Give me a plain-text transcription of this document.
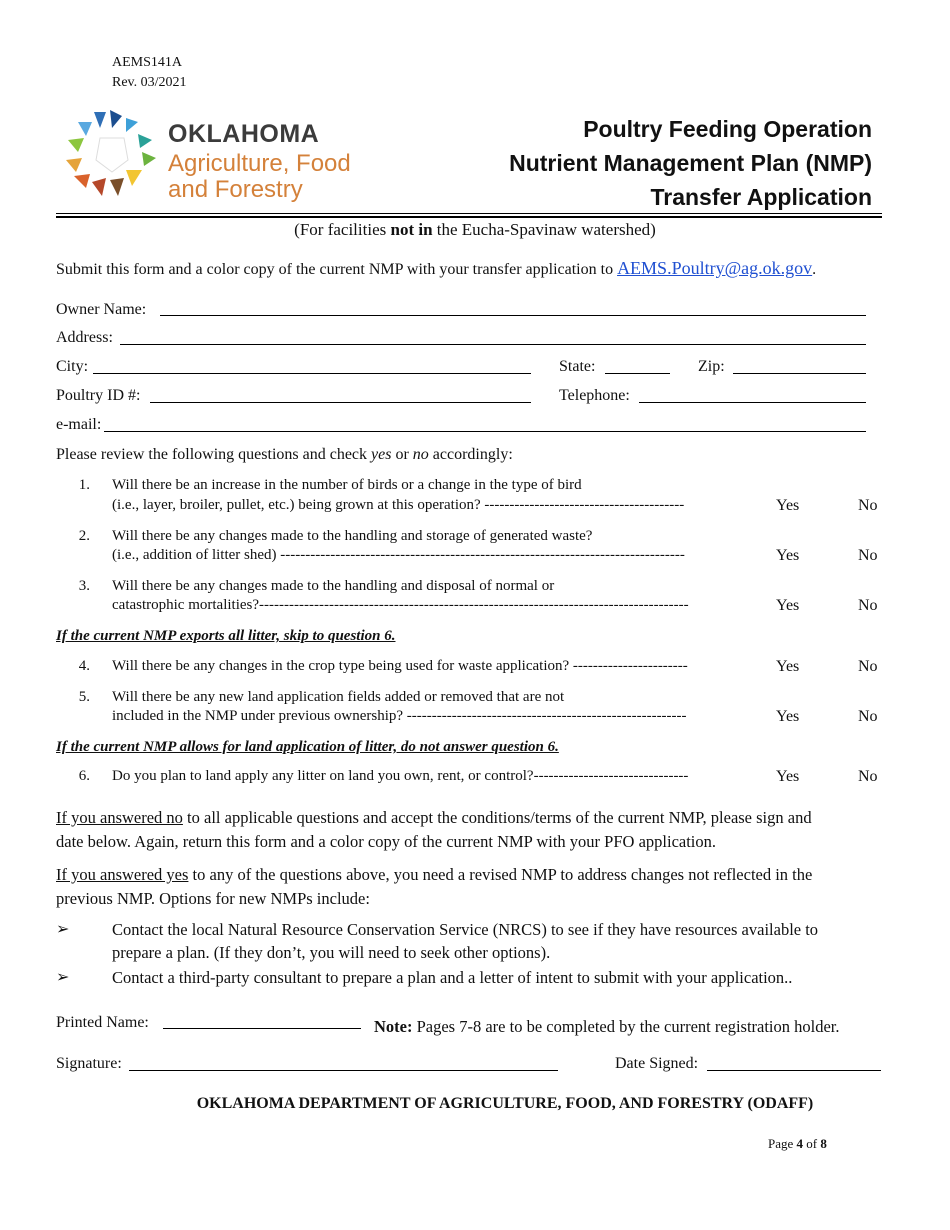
AEMS141A
Rev. 03/2021
OKLAHOMA
Agriculture, Food
and Forestry
Poultry Feeding Operation
Nutrient Management Plan (NMP)
Transfer Application
(For facilities not in the Eucha-Spavinaw watershed)
Submit this form and a color copy of the current NMP with your transfer application to AEMS.Poultry@ag.ok.gov.
Owner Name:
Address:
City:	State:	Zip:
Poultry ID #:	Telephone:
e-mail:
Please review the following questions and check yes or no accordingly:
1. Will there be an increase in the number of birds or a change in the type of bird
(i.e., layer, broiler, pullet, etc.) being grown at this operation? ----------------------------------------	Yes	No
2. Will there be any changes made to the handling and storage of generated waste?
(i.e., addition of litter shed) ---------------------------------------------------------------------------------	Yes	No
3. Will there be any changes made to the handling and disposal of normal or
catastrophic mortalities?--------------------------------------------------------------------------------------	Yes	No
If the current NMP exports all litter, skip to question 6.
4. Will there be any changes in the crop type being used for waste application? -----------------------	Yes	No
5. Will there be any new land application fields added or removed that are not
included in the NMP under previous ownership? --------------------------------------------------------	Yes	No
If the current NMP allows for land application of litter, do not answer question 6.
6. Do you plan to land apply any litter on land you own, rent, or control?-------------------------------	Yes	No
If you answered no to all applicable questions and accept the conditions/terms of the current NMP, please sign and
date below. Again, return this form and a color copy of the current NMP with your PFO application.
If you answered yes to any of the questions above, you need a revised NMP to address changes not reflected in the
previous NMP. Options for new NMPs include:
➢	Contact the local Natural Resource Conservation Service (NRCS) to see if they have resources available to
prepare a plan. (If they don’t, you will need to seek other options).
➢	Contact a third-party consultant to prepare a plan and a letter of intent to submit with your application..
Printed Name:	Note: Pages 7-8 are to be completed by the current registration holder.
Signature:	Date Signed:
OKLAHOMA DEPARTMENT OF AGRICULTURE, FOOD, AND FORESTRY (ODAFF)
Page 4 of 8
